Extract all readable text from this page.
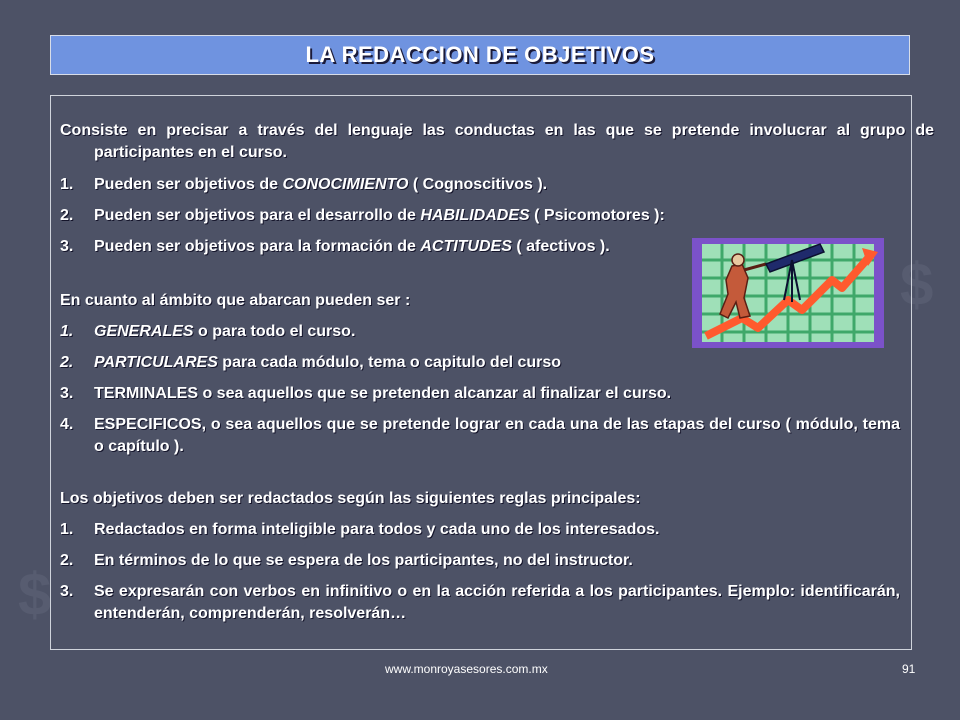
$
$
LA REDACCION DE OBJETIVOS
Consiste en precisar a través del lenguaje las conductas en las que se pretende involucrar al grupo de participantes en el curso.
1.	Pueden ser objetivos de CONOCIMIENTO ( Cognoscitivos ).
2.	Pueden ser objetivos para el desarrollo de HABILIDADES ( Psicomotores ):
3.	Pueden ser objetivos para la formación de ACTITUDES ( afectivos ).
En cuanto al ámbito que abarcan pueden ser :
1.	GENERALES o para todo el curso.
2.	PARTICULARES para cada módulo, tema o capitulo del curso
3.	TERMINALES o sea aquellos que se pretenden alcanzar al finalizar el curso.
4.	ESPECIFICOS, o sea aquellos que se pretende lograr en cada una de las etapas del curso ( módulo, tema o capítulo ).
Los objetivos deben ser redactados según las siguientes reglas principales:
1.	Redactados en forma inteligible para todos y cada uno de los interesados.
2.	En términos de lo que se espera de los participantes, no del instructor.
3.	Se expresarán con verbos en infinitivo o en la acción referida a los participantes. Ejemplo: identificarán, entenderán, comprenderán, resolverán…
www.monroyasesores.com.mx	91
